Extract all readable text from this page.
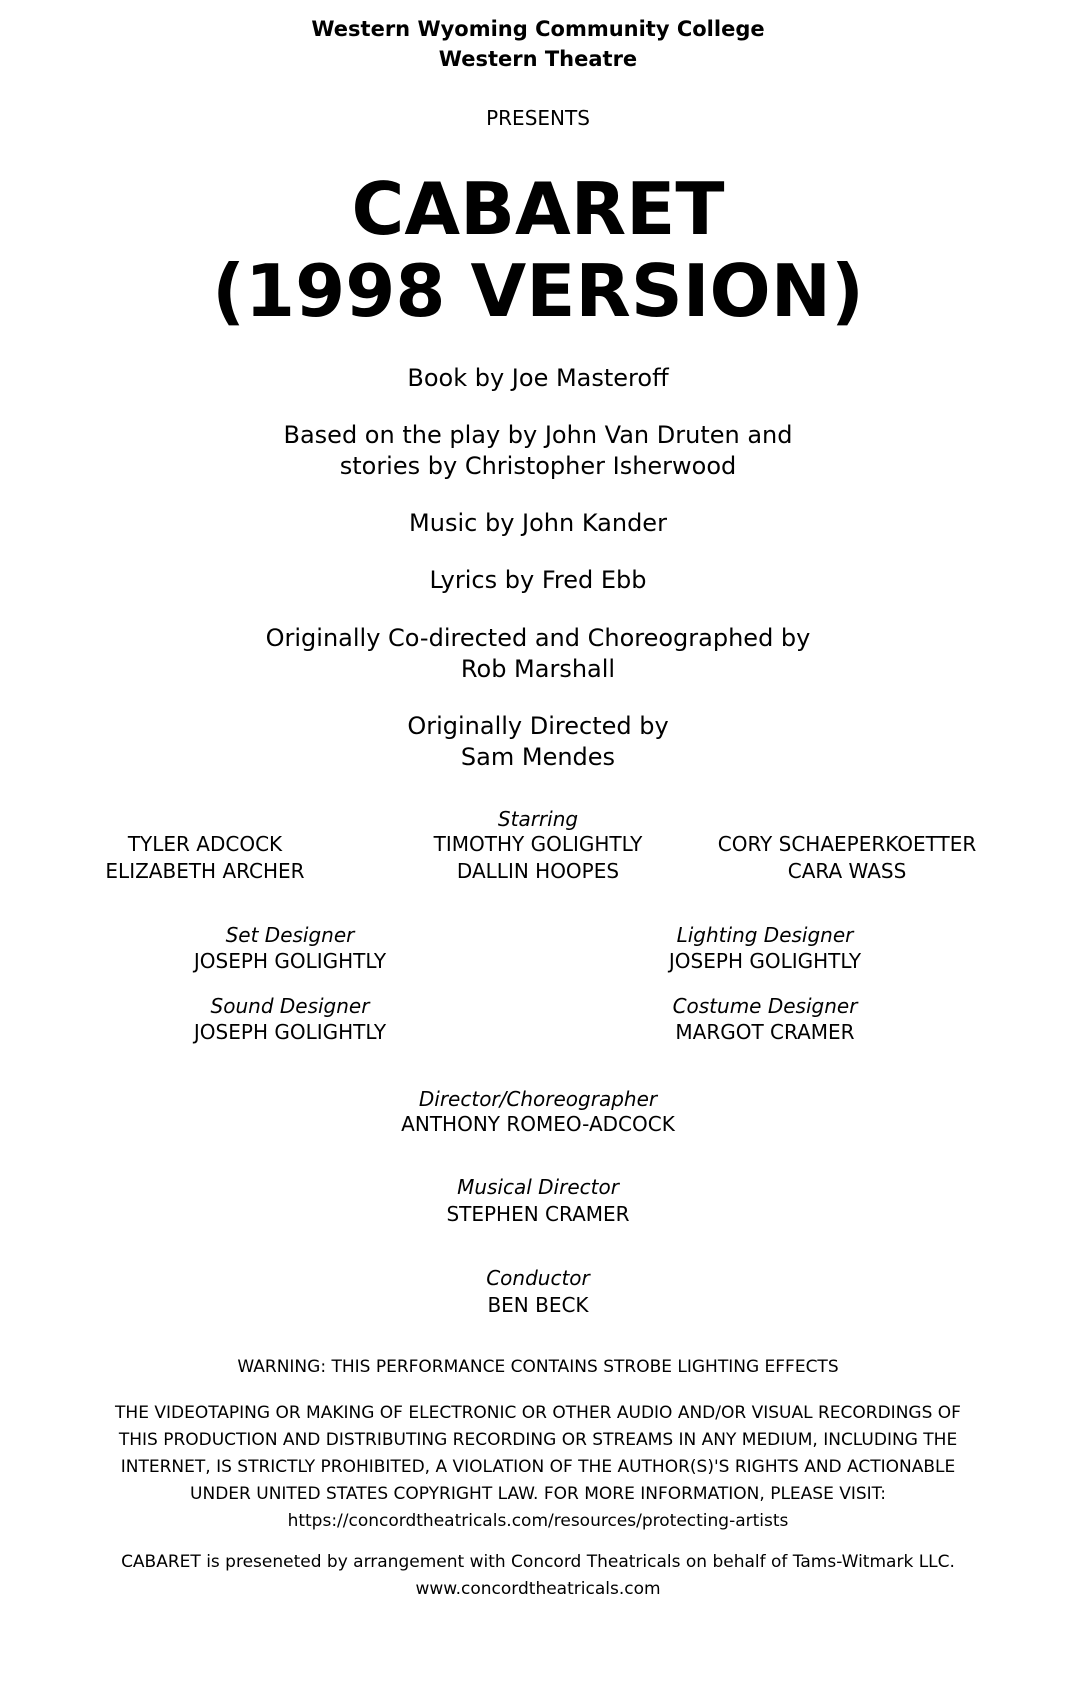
Western Wyoming Community College
Western Theatre
PRESENTS
CABARET
(1998 VERSION)
Book by Joe Masteroff
Based on the play by John Van Druten and
stories by Christopher Isherwood
Music by John Kander
Lyrics by Fred Ebb
Originally Co-directed and Choreographed by
Rob Marshall
Originally Directed by
Sam Mendes
Starring
TYLER ADCOCK
ELIZABETH ARCHER
TIMOTHY GOLIGHTLY
DALLIN HOOPES
CORY SCHAEPERKOETTER
CARA WASS
Set Designer
JOSEPH GOLIGHTLY
Lighting Designer
JOSEPH GOLIGHTLY
Sound Designer
JOSEPH GOLIGHTLY
Costume Designer
MARGOT CRAMER
Director/Choreographer
ANTHONY ROMEO-ADCOCK
Musical Director
STEPHEN CRAMER
Conductor
BEN BECK
WARNING: THIS PERFORMANCE CONTAINS STROBE LIGHTING EFFECTS
THE VIDEOTAPING OR MAKING OF ELECTRONIC OR OTHER AUDIO AND/OR VISUAL RECORDINGS OF
THIS PRODUCTION AND DISTRIBUTING RECORDING OR STREAMS IN ANY MEDIUM, INCLUDING THE
INTERNET, IS STRICTLY PROHIBITED, A VIOLATION OF THE AUTHOR(S)'S RIGHTS AND ACTIONABLE
UNDER UNITED STATES COPYRIGHT LAW. FOR MORE INFORMATION, PLEASE VISIT:
https://concordtheatricals.com/resources/protecting-artists
CABARET is preseneted by arrangement with Concord Theatricals on behalf of Tams-Witmark LLC.
www.concordtheatricals.com
